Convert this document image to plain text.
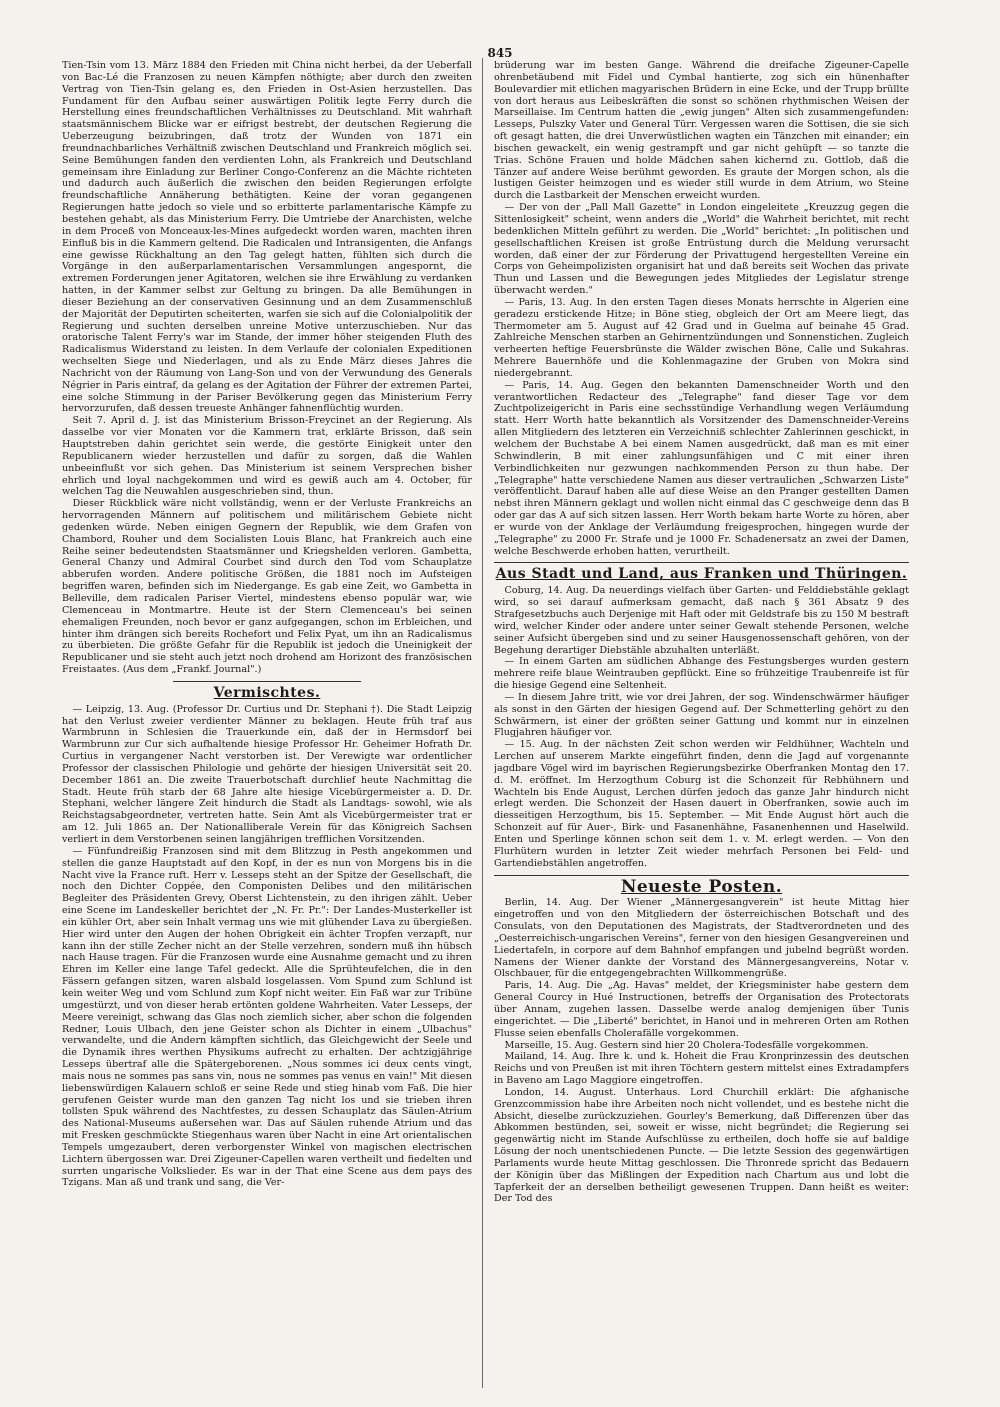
845

Tien-Tsin vom 13. März 1884 den Frieden mit China nicht herbei, da der Ueberfall von Bac-Lé die Franzosen zu neuen Kämpfen nöthigte; aber durch den zweiten Vertrag von Tien-Tsin gelang es, den Frieden in Ost-Asien herzustellen. Das Fundament für den Aufbau seiner auswärtigen Politik legte Ferry durch die Herstellung eines freundschaftlichen Verhältnisses zu Deutschland. Mit wahrhaft staatsmännischem Blicke war er eifrigst bestrebt, der deutschen Regierung die Ueberzeugung beizubringen, daß trotz der Wunden von 1871 ein freundnachbarliches Verhältniß zwischen Deutschland und Frankreich möglich sei. Seine Bemühungen fanden den verdienten Lohn, als Frankreich und Deutschland gemeinsam ihre Einladung zur Berliner Congo-Conferenz an die Mächte richteten und dadurch auch äußerlich die zwischen den beiden Regierungen erfolgte freundschaftliche Annäherung bethätigten. Keine der voran gegangenen Regierungen hatte jedoch so viele und so erbitterte parlamentarische Kämpfe zu bestehen gehabt, als das Ministerium Ferry. Die Umtriebe der Anarchisten, welche in dem Proceß von Monceaux-les-Mines aufgedeckt worden waren, machten ihren Einfluß bis in die Kammern geltend. Die Radicalen und Intransigenten, die Anfangs eine gewisse Rückhaltung an den Tag gelegt hatten, fühlten sich durch die Vorgänge in den außerparlamentarischen Versammlungen angespornt, die extremen Forderungen jener Agitatoren, welchen sie ihre Erwählung zu verdanken hatten, in der Kammer selbst zur Geltung zu bringen. Da alle Bemühungen in dieser Beziehung an der conservativen Gesinnung und an dem Zusammenschluß der Majorität der Deputirten scheiterten, warfen sie sich auf die Colonialpolitik der Regierung und suchten derselben unreine Motive unterzuschieben. Nur das oratorische Talent Ferry's war im Stande, der immer höher steigenden Fluth des Radicalismus Widerstand zu leisten. In dem Verlaufe der colonialen Expeditionen wechselten Siege und Niederlagen, und als zu Ende März dieses Jahres die Nachricht von der Räumung von Lang-Son und von der Verwundung des Generals Négrier in Paris eintraf, da gelang es der Agitation der Führer der extremen Partei, eine solche Stimmung in der Pariser Bevölkerung gegen das Ministerium Ferry hervorzurufen, daß dessen treueste Anhänger fahnenflüchtig wurden.

Seit 7. April d. J. ist das Ministerium Brisson-Freycinet an der Regierung. Als dasselbe vor vier Monaten vor die Kammern trat, erklärte Brisson, daß sein Hauptstreben dahin gerichtet sein werde, die gestörte Einigkeit unter den Republicanern wieder herzustellen und dafür zu sorgen, daß die Wahlen unbeeinflußt vor sich gehen. Das Ministerium ist seinem Versprechen bisher ehrlich und loyal nachgekommen und wird es gewiß auch am 4. October, für welchen Tag die Neuwahlen ausgeschrieben sind, thun.

Dieser Rückblick wäre nicht vollständig, wenn er der Verluste Frankreichs an hervorragenden Männern auf politischem und militärischem Gebiete nicht gedenken würde. Neben einigen Gegnern der Republik, wie dem Grafen von Chambord, Rouher und dem Socialisten Louis Blanc, hat Frankreich auch eine Reihe seiner bedeutendsten Staatsmänner und Kriegshelden verloren. Gambetta, General Chanzy und Admiral Courbet sind durch den Tod vom Schauplatze abberufen worden. Andere politische Größen, die 1881 noch im Aufsteigen begriffen waren, befinden sich im Niedergange. Es gab eine Zeit, wo Gambetta in Belleville, dem radicalen Pariser Viertel, mindestens ebenso populär war, wie Clemenceau in Montmartre. Heute ist der Stern Clemenceau's bei seinen ehemaligen Freunden, noch bevor er ganz aufgegangen, schon im Erbleichen, und hinter ihm drängen sich bereits Rochefort und Felix Pyat, um ihn an Radicalismus zu überbieten. Die größte Gefahr für die Republik ist jedoch die Uneinigkeit der Republicaner und sie steht auch jetzt noch drohend am Horizont des französischen Freistaates. (Aus dem „Frankf. Journal".)

Vermischtes.

— Leipzig, 13. Aug. (Professor Dr. Curtius und Dr. Stephani †). Die Stadt Leipzig hat den Verlust zweier verdienter Männer zu beklagen. Heute früh traf aus Warmbrunn in Schlesien die Trauerkunde ein, daß der in Hermsdorf bei Warmbrunn zur Cur sich aufhaltende hiesige Professor Hr. Geheimer Hofrath Dr. Curtius in vergangener Nacht verstorben ist. Der Verewigte war ordentlicher Professor der classischen Philologie und gehörte der hiesigen Universität seit 20. December 1861 an. Die zweite Trauerbotschaft durchlief heute Nachmittag die Stadt. Heute früh starb der 68 Jahre alte hiesige Vicebürgermeister a. D. Dr. Stephani, welcher längere Zeit hindurch die Stadt als Landtags- sowohl, wie als Reichstagsabgeordneter, vertreten hatte. Sein Amt als Vicebürgermeister trat er am 12. Juli 1865 an. Der Nationalliberale Verein für das Königreich Sachsen verliert in dem Verstorbenen seinen langjährigen trefflichen Vorsitzenden.

— Fünfundreißig Franzosen sind mit dem Blitzzug in Pesth angekommen und stellen die ganze Hauptstadt auf den Kopf, in der es nun von Morgens bis in die Nacht vive la France ruft. Herr v. Lesseps steht an der Spitze der Gesellschaft, die noch den Dichter Coppée, den Componisten Delibes und den militärischen Begleiter des Präsidenten Grevy, Oberst Lichtenstein, zu den ihrigen zählt. Ueber eine Scene im Landeskeller berichtet der „N. Fr. Pr.": Der Landes-Musterkeller ist ein kühler Ort, aber sein Inhalt vermag uns wie mit glühender Lava zu übergießen. Hier wird unter den Augen der hohen Obrigkeit ein ächter Tropfen verzapft, nur kann ihn der stille Zecher nicht an der Stelle verzehren, sondern muß ihn hübsch nach Hause tragen. Für die Franzosen wurde eine Ausnahme gemacht und zu ihren Ehren im Keller eine lange Tafel gedeckt. Alle die Sprühteufelchen, die in den Fässern gefangen sitzen, waren alsbald losgelassen. Vom Spund zum Schlund ist kein weiter Weg und vom Schlund zum Kopf nicht weiter. Ein Faß war zur Tribüne umgestürzt, und von dieser herab ertönten goldene Wahrheiten. Vater Lesseps, der Meere vereinigt, schwang das Glas noch ziemlich sicher, aber schon die folgenden Redner, Louis Ulbach, den jene Geister schon als Dichter in einem „Ulbachus" verwandelte, und die Andern kämpften sichtlich, das Gleichgewicht der Seele und die Dynamik ihres werthen Physikums aufrecht zu erhalten. Der achtzigjährige Lesseps übertraf alle die Spätergeborenen. „Nous sommes ici deux cents vingt, mais nous ne sommes pas sans vin, nous ne sommes pas venus en vain!" Mit diesen liebenswürdigen Kalauern schloß er seine Rede und stieg hinab vom Faß. Die hier gerufenen Geister wurde man den ganzen Tag nicht los und sie trieben ihren tollsten Spuk während des Nachtfestes, zu dessen Schauplatz das Säulen-Atrium des National-Museums außersehen war. Das auf Säulen ruhende Atrium und das mit Fresken geschmückte Stiegenhaus waren über Nacht in eine Art orientalischen Tempels umgezaubert, deren verborgenster Winkel von magischen electrischen Lichtern übergossen war. Drei Zigeuner-Capellen waren vertheilt und fiedelten und surrten ungarische Volkslieder. Es war in der That eine Scene aus dem pays des Tzigans. Man aß und trank und sang, die Ver-

brüderung war im besten Gange. Während die dreifache Zigeuner-Capelle ohrenbetäubend mit Fidel und Cymbal hantierte, zog sich ein hünenhafter Boulevardier mit etlichen magyarischen Brüdern in eine Ecke, und der Trupp brüllte von dort heraus aus Leibeskräften die sonst so schönen rhythmischen Weisen der Marseillaise. Im Centrum hatten die „ewig jungen" Alten sich zusammengefunden: Lesseps, Pulszky Vater und General Türr. Vergessen waren die Sottisen, die sie sich oft gesagt hatten, die drei Unverwüstlichen wagten ein Tänzchen mit einander; ein bischen gewackelt, ein wenig gestrampft und gar nicht gehüpft — so tanzte die Trias. Schöne Frauen und holde Mädchen sahen kichernd zu. Gottlob, daß die Tänzer auf andere Weise berühmt geworden. Es graute der Morgen schon, als die lustigen Geister heimzogen und es wieder still wurde in dem Atrium, wo Steine durch die Lastbarkeit der Menschen erweicht wurden.

— Der von der „Pall Mall Gazette" in London eingeleitete „Kreuzzug gegen die Sittenlosigkeit" scheint, wenn anders die „World" die Wahrheit berichtet, mit recht bedenklichen Mitteln geführt zu werden. Die „World" berichtet: „In politischen und gesellschaftlichen Kreisen ist große Entrüstung durch die Meldung verursacht worden, daß einer der zur Förderung der Privattugend hergestellten Vereine ein Corps von Geheimpolizisten organisirt hat und daß bereits seit Wochen das private Thun und Lassen und die Bewegungen jedes Mitgliedes der Legislatur strenge überwacht werden."

— Paris, 13. Aug. In den ersten Tagen dieses Monats herrschte in Algerien eine geradezu erstickende Hitze; in Böne stieg, obgleich der Ort am Meere liegt, das Thermometer am 5. August auf 42 Grad und in Guelma auf beinahe 45 Grad. Zahlreiche Menschen starben an Gehirnentzündungen und Sonnenstichen. Zugleich verheerten heftige Feuersbrünste die Wälder zwischen Böne, Calle und Sukahras. Mehrere Bauernhöfe und die Kohlenmagazine der Gruben von Mokra sind niedergebrannt.

— Paris, 14. Aug. Gegen den bekannten Damenschneider Worth und den verantwortlichen Redacteur des „Telegraphe" fand dieser Tage vor dem Zuchtpolizeigericht in Paris eine sechsstündige Verhandlung wegen Verläumdung statt. Herr Worth hatte bekanntlich als Vorsitzender des Damenschneider-Vereins allen Mitgliedern des letzteren ein Verzeichniß schlechter Zahlerinnen geschickt, in welchem der Buchstabe A bei einem Namen ausgedrückt, daß man es mit einer Schwindlerin, B mit einer zahlungsunfähigen und C mit einer ihren Verbindlichkeiten nur gezwungen nachkommenden Person zu thun habe. Der „Telegraphe" hatte verschiedene Namen aus dieser vertraulichen „Schwarzen Liste" veröffentlicht. Darauf haben alle auf diese Weise an den Pranger gestellten Damen nebst ihren Männern geklagt und wollen nicht einmal das C geschweige denn das B oder gar das A auf sich sitzen lassen. Herr Worth bekam harte Worte zu hören, aber er wurde von der Anklage der Verläumdung freigesprochen, hingegen wurde der „Telegraphe" zu 2000 Fr. Strafe und je 1000 Fr. Schadenersatz an zwei der Damen, welche Beschwerde erhoben hatten, verurtheilt.

Aus Stadt und Land, aus Franken und Thüringen.

Coburg, 14. Aug. Da neuerdings vielfach über Garten- und Felddiebstähle geklagt wird, so sei darauf aufmerksam gemacht, daß nach § 361 Absatz 9 des Strafgesetzbuchs auch Derjenige mit Haft oder mit Geldstrafe bis zu 150 M bestraft wird, welcher Kinder oder andere unter seiner Gewalt stehende Personen, welche seiner Aufsicht übergeben sind und zu seiner Hausgenossenschaft gehören, von der Begehung derartiger Diebstähle abzuhalten unterläßt.

— In einem Garten am südlichen Abhange des Festungsberges wurden gestern mehrere reife blaue Weintrauben gepflückt. Eine so frühzeitige Traubenreife ist für die hiesige Gegend eine Seltenheit.

— In diesem Jahre tritt, wie vor drei Jahren, der sog. Windenschwärmer häufiger als sonst in den Gärten der hiesigen Gegend auf. Der Schmetterling gehört zu den Schwärmern, ist einer der größten seiner Gattung und kommt nur in einzelnen Flugjahren häufiger vor.

— 15. Aug. In der nächsten Zeit schon werden wir Feldhühner, Wachteln und Lerchen auf unserem Markte eingeführt finden, denn die Jagd auf vorgenannte jagdbare Vögel wird im bayrischen Regierungsbezirke Oberfranken Montag den 17. d. M. eröffnet. Im Herzogthum Coburg ist die Schonzeit für Rebhühnern und Wachteln bis Ende August, Lerchen dürfen jedoch das ganze Jahr hindurch nicht erlegt werden. Die Schonzeit der Hasen dauert in Oberfranken, sowie auch im diesseitigen Herzogthum, bis 15. September. — Mit Ende August hört auch die Schonzeit auf für Auer-, Birk- und Fasanenhähne, Fasanenhennen und Haselwild. Enten und Sperlinge können schon seit dem 1. v. M. erlegt werden. — Von den Flurhütern wurden in letzter Zeit wieder mehrfach Personen bei Feld- und Gartendiebstählen angetroffen.

Neueste Posten.

Berlin, 14. Aug. Der Wiener „Männergesangverein" ist heute Mittag hier eingetroffen und von den Mitgliedern der österreichischen Botschaft und des Consulats, von den Deputationen des Magistrats, der Stadtverordneten und des „Oesterreichisch-ungarischen Vereins", ferner von den hiesigen Gesangvereinen und Liedertafeln, in corpore auf dem Bahnhof empfangen und jubelnd begrüßt worden. Namens der Wiener dankte der Vorstand des Männergesangvereins, Notar v. Olschbauer, für die entgegengebrachten Willkommengrüße.

Paris, 14. Aug. Die „Ag. Havas" meldet, der Kriegsminister habe gestern dem General Courcy in Hué Instructionen, betreffs der Organisation des Protectorats über Annam, zugehen lassen. Dasselbe werde analog demjenigen über Tunis eingerichtet. — Die „Liberté" berichtet, in Hanoi und in mehreren Orten am Rothen Flusse seien ebenfalls Cholerafälle vorgekommen.

Marseille, 15. Aug. Gestern sind hier 20 Cholera-Todesfälle vorgekommen.

Mailand, 14. Aug. Ihre k. und k. Hoheit die Frau Kronprinzessin des deutschen Reichs und von Preußen ist mit ihren Töchtern gestern mittelst eines Extradampfers in Baveno am Lago Maggiore eingetroffen.

London, 14. August. Unterhaus. Lord Churchill erklärt: Die afghanische Grenzcommission habe ihre Arbeiten noch nicht vollendet, und es bestehe nicht die Absicht, dieselbe zurückzuziehen. Gourley's Bemerkung, daß Differenzen über das Abkommen bestünden, sei, soweit er wisse, nicht begründet; die Regierung sei gegenwärtig nicht im Stande Aufschlüsse zu ertheilen, doch hoffe sie auf baldige Lösung der noch unentschiedenen Puncte. — Die letzte Session des gegenwärtigen Parlaments wurde heute Mittag geschlossen. Die Thronrede spricht das Bedauern der Königin über das Mißlingen der Expedition nach Chartum aus und lobt die Tapferkeit der an derselben betheiligt gewesenen Truppen. Dann heißt es weiter: Der Tod des
